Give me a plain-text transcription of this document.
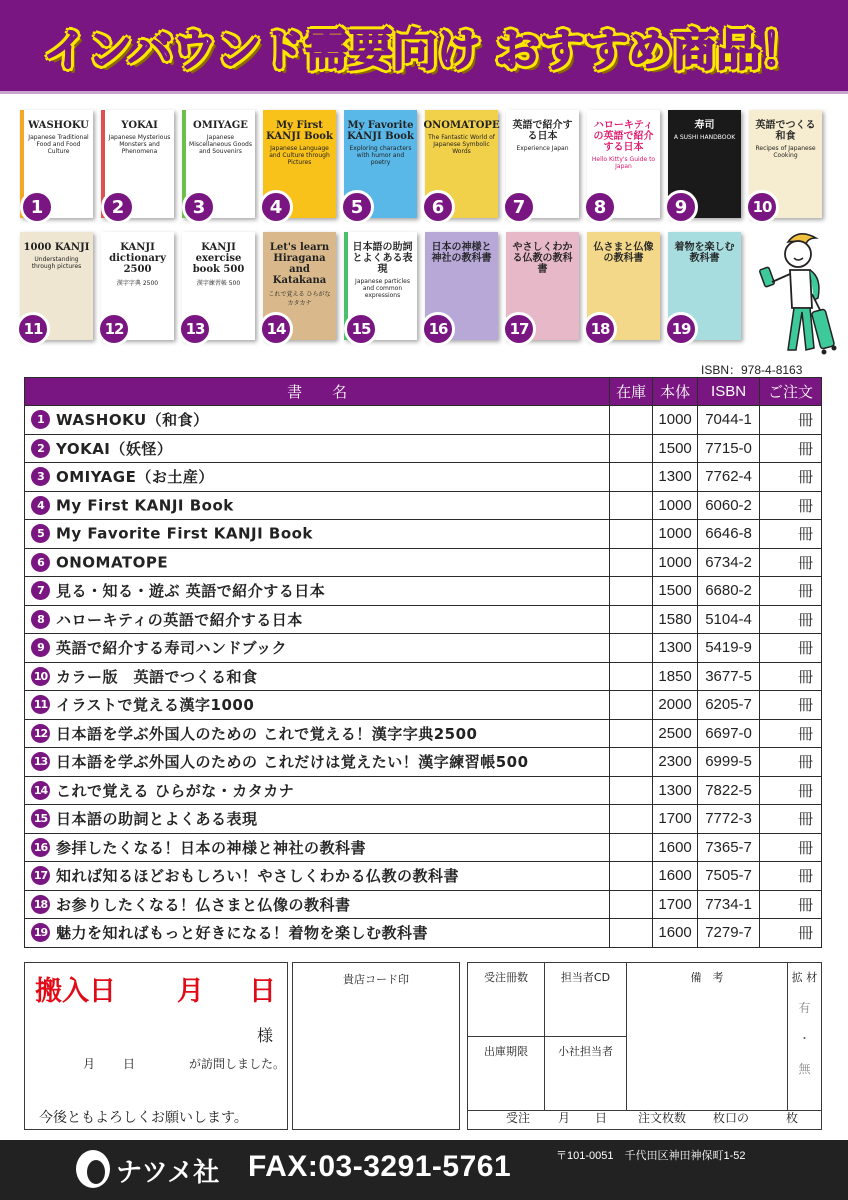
インバウンド需要向け おすすめ商品！
WASHOKU
Japanese Traditional Food and Food Culture
1
YOKAI
Japanese Mysterious Monsters and Phenomena
2
OMIYAGE
Japanese Miscellaneous Goods and Souvenirs
3
My First KANJI Book
Japanese Language and Culture through Pictures
4
My Favorite KANJI Book
Exploring characters with humor and poetry
5
ONOMATOPE
The Fantastic World of Japanese Symbolic Words
6
英語で紹介する日本
Experience Japan
7
ハローキティの英語で紹介する日本
Hello Kitty's Guide to Japan
8
寿司
A SUSHI HANDBOOK
9
英語でつくる和食
Recipes of Japanese Cooking
10
1000 KANJI
Understanding through pictures
11
KANJI dictionary 2500
漢字字典 2500
12
KANJI exercise book 500
漢字練習帳 500
13
Let's learn Hiragana and Katakana
これで覚える ひらがな カタカナ
14
日本語の助詞とよくある表現
Japanese particles and common expressions
15
日本の神様と神社の教科書
16
やさしくわかる仏教の教科書
17
仏さまと仏像の教科書
18
着物を楽しむ教科書
19
ISBN：978-4-8163
書　　名	在庫	本体	ISBN	ご注文
1 WASHOKU（和食）		1000	7044-1	冊
2 YOKAI（妖怪）		1500	7715-0	冊
3 OMIYAGE（お土産）		1300	7762-4	冊
4 My First KANJI Book		1000	6060-2	冊
5 My Favorite First KANJI Book		1000	6646-8	冊
6 ONOMATOPE		1000	6734-2	冊
7 見る・知る・遊ぶ 英語で紹介する日本		1500	6680-2	冊
8 ハローキティの英語で紹介する日本		1580	5104-4	冊
9 英語で紹介する寿司ハンドブック		1300	5419-9	冊
10 カラー版　英語でつくる和食		1850	3677-5	冊
11 イラストで覚える漢字1000		2000	6205-7	冊
12 日本語を学ぶ外国人のための これで覚える！漢字字典2500		2500	6697-0	冊
13 日本語を学ぶ外国人のための これだけは覚えたい！漢字練習帳500		2300	6999-5	冊
14 これで覚える ひらがな・カタカナ		1300	7822-5	冊
15 日本語の助詞とよくある表現		1700	7772-3	冊
16 参拝したくなる！日本の神様と神社の教科書		1600	7365-7	冊
17 知れば知るほどおもしろい！やさしくわかる仏教の教科書		1600	7505-7	冊
18 お参りしたくなる！仏さまと仏像の教科書		1700	7734-1	冊
19 魅力を知ればもっと好きになる！着物を楽しむ教科書		1600	7279-7	冊
搬入日 月 日
様
月 日	が訪問しました。
今後ともよろしくお願いします。
貴店コード印	受注冊数	担当者CD
出庫期限	小社担当者
備　考	拡 材
有
・
無
受注 月 日	注文枚数 枚口の	枚
ナツメ社 FAX:03-3291-5761	〒101-0051　千代田区神田神保町1-52
